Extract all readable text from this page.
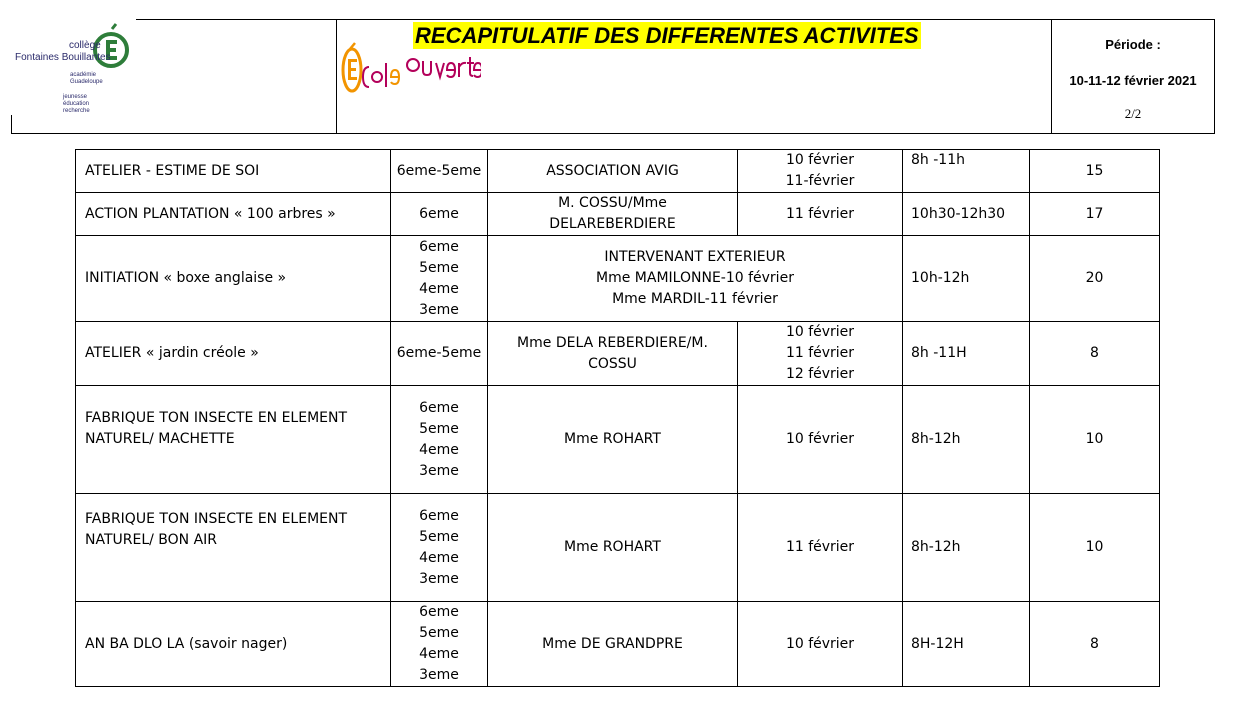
collège
Fontaines Bouillantes
académie
Guadeloupe
jeunesse
éducation
recherche
RECAPITULATIF DES DIFFERENTES ACTIVITES	Période :
10-11-12 février 2021
2/2
ATELIER - ESTIME DE SOI	6eme-5eme	ASSOCIATION AVIG	10 février
11-février	8h -11h	15

ACTION PLANTATION « 100 arbres »	6eme	M. COSSU/Mme
DELAREBERDIERE	11 février	10h30-12h30	17

INITIATION « boxe anglaise »	6eme
5eme
4eme
3eme	INTERVENANT EXTERIEUR
Mme MAMILONNE-10 février
Mme MARDIL-11 février		10h-12h	20

ATELIER « jardin créole »	6eme-5eme	Mme DELA REBERDIERE/M.
COSSU	10 février
11 février
12 février	8h -11H	8

FABRIQUE TON INSECTE EN ELEMENT
NATUREL/ MACHETTE	6eme
5eme
4eme
3eme	Mme ROHART	10 février	8h-12h	10

FABRIQUE TON INSECTE EN ELEMENT
NATUREL/ BON AIR	6eme
5eme
4eme
3eme	Mme ROHART	11 février	8h-12h	10

AN BA DLO LA (savoir nager)	6eme
5eme
4eme
3eme	Mme DE GRANDPRE	10 février	8H-12H	8
